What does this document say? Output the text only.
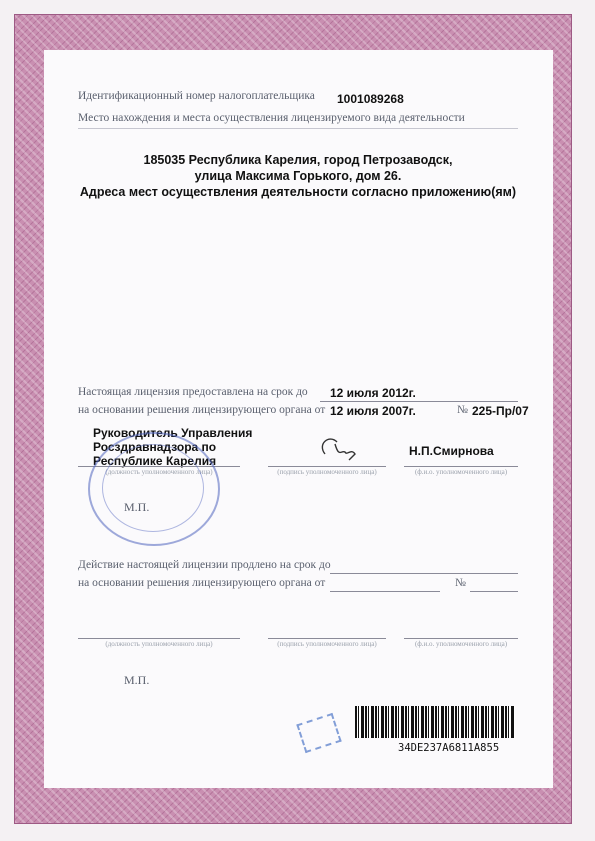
Идентификационный номер налогоплательщика 1001089268
Место нахождения и места осуществления лицензируемого вида деятельности
185035 Республика Карелия, город Петрозаводск,
улица Максима Горького, дом 26.
Адреса мест осуществления деятельности согласно приложению(ям)
Настоящая лицензия предоставлена на срок до 12 июля 2012г.
на основании решения лицензирующего органа от 12 июля 2007г.	№ 225-Пр/07
Руководитель Управления
Росздравнадзора по
Республике Карелия
Н.П.Смирнова
(должность уполномоченного лица)	(подпись уполномоченного лица)	(ф.и.о. уполномоченного лица)
М.П.
Действие настоящей лицензии продлено на срок до
на основании решения лицензирующего органа от	№
(должность уполномоченного лица)	(подпись уполномоченного лица)	(ф.и.о. уполномоченного лица)
М.П.
34DE237A6811A855
